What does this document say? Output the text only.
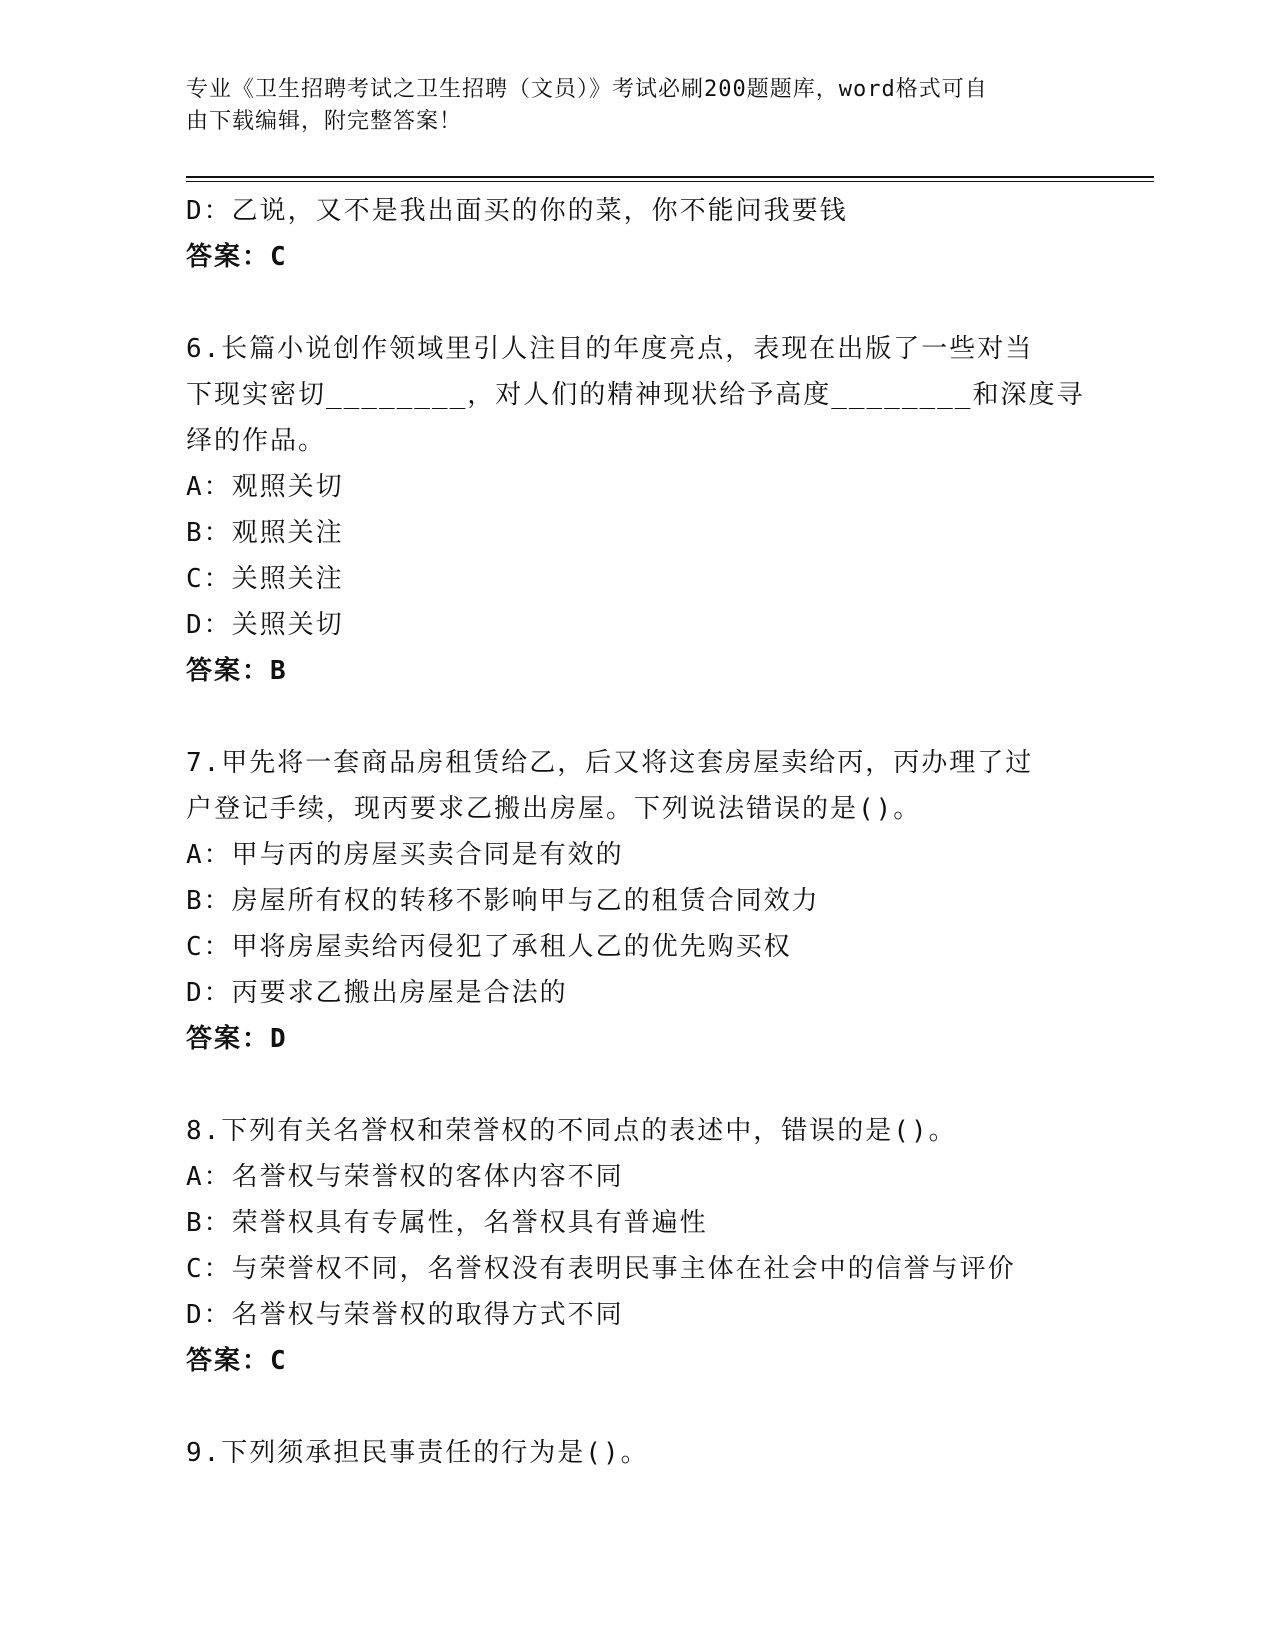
专业《卫生招聘考试之卫生招聘（文员）》考试必刷200题题库，word格式可自
由下载编辑，附完整答案！
D：乙说，又不是我出面买的你的菜，你不能问我要钱
答案：C
6.长篇小说创作领域里引人注目的年度亮点，表现在出版了一些对当
下现实密切________，对人们的精神现状给予高度________和深度寻
绎的作品。
A：观照关切
B：观照关注
C：关照关注
D：关照关切
答案：B
7.甲先将一套商品房租赁给乙，后又将这套房屋卖给丙，丙办理了过
户登记手续，现丙要求乙搬出房屋。下列说法错误的是()。
A：甲与丙的房屋买卖合同是有效的
B：房屋所有权的转移不影响甲与乙的租赁合同效力
C：甲将房屋卖给丙侵犯了承租人乙的优先购买权
D：丙要求乙搬出房屋是合法的
答案：D
8.下列有关名誉权和荣誉权的不同点的表述中，错误的是()。
A：名誉权与荣誉权的客体内容不同
B：荣誉权具有专属性，名誉权具有普遍性
C：与荣誉权不同，名誉权没有表明民事主体在社会中的信誉与评价
D：名誉权与荣誉权的取得方式不同
答案：C
9.下列须承担民事责任的行为是()。
